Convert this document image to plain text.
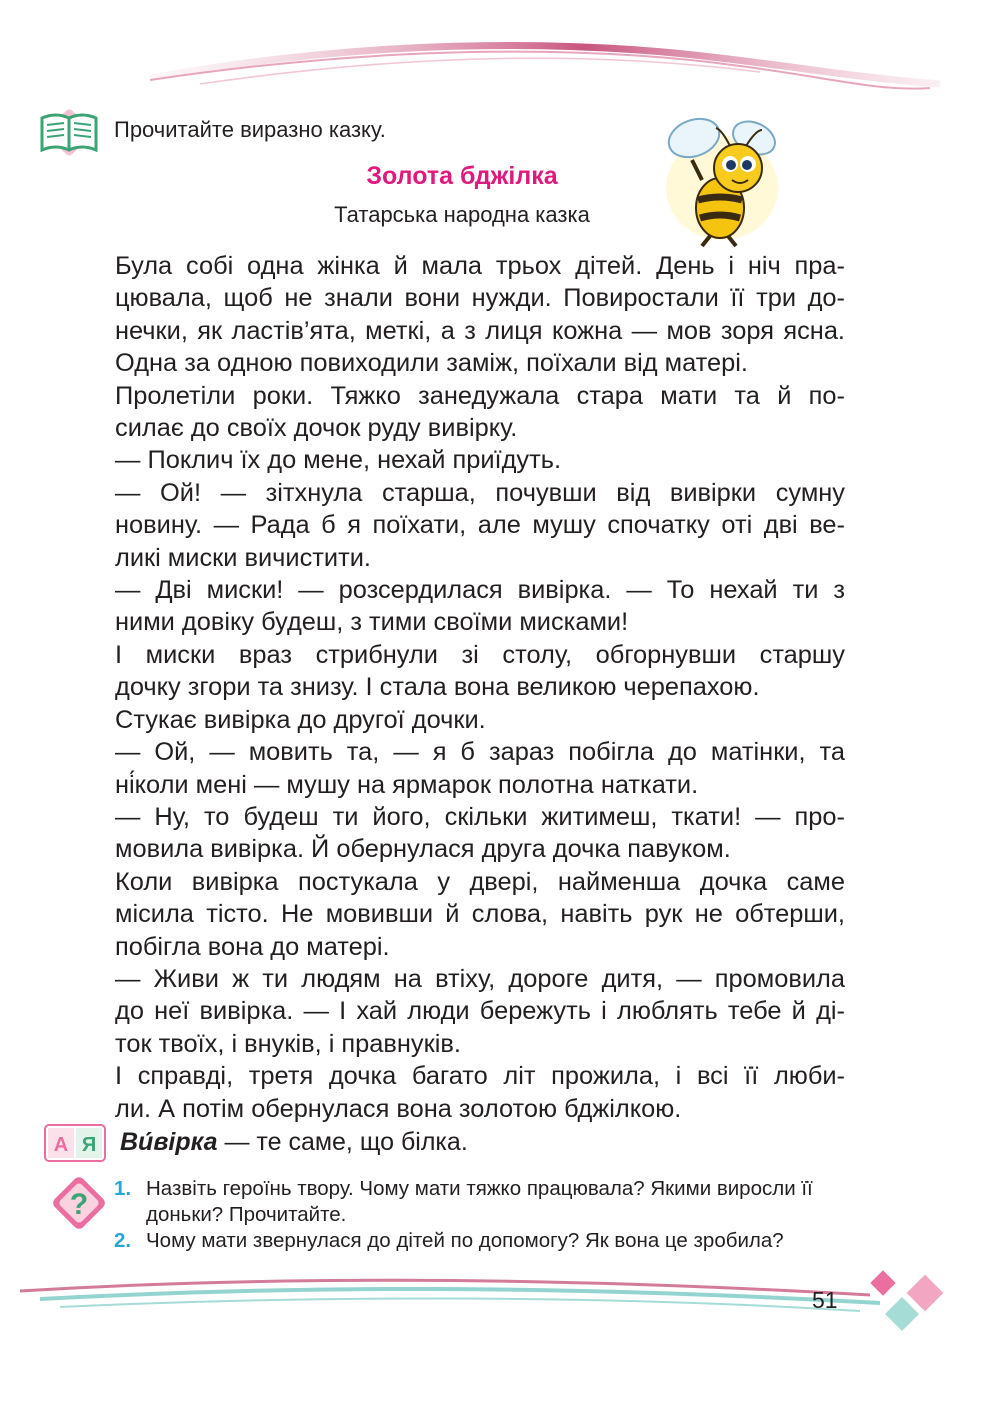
Прочитайте виразно казку.
Золота бджілка
Татарська народна казка

Була собі одна жінка й мала трьох дітей. День і ніч пра-
цювала, щоб не знали вони нужди. Повиростали її три до-
нечки, як ластів’ята, меткі, а з лиця кожна — мов зоря ясна.
Одна за одною повиходили заміж, поїхали від матері.

Пролетіли роки. Тяжко занедужала стара мати та й по-
силає до своїх дочок руду вивірку.

— Поклич їх до мене, нехай приїдуть.

— Ой! — зітхнула старша, почувши від вивірки сумну
новину. — Рада б я поїхати, але мушу спочатку оті дві ве-
ликі миски вичистити.

— Дві миски! — розсердилася вивірка. — То нехай ти з
ними довіку будеш, з тими своїми мисками!

І миски враз стрибнули зі столу, обгорнувши старшу
дочку згори та знизу. І стала вона великою черепахою.

Стукає вивірка до другої дочки.

— Ой, — мовить та, — я б зараз побігла до матінки, та
ні́коли мені — мушу на ярмарок полотна наткати.

— Ну, то будеш ти його, скільки житимеш, ткати! — про-
мовила вивірка. Й обернулася друга дочка павуком.

Коли вивірка постукала у двері, найменша дочка саме
місила тісто. Не мовивши й слова, навіть рук не обтерши,
побігла вона до матері.

— Живи ж ти людям на втіху, дороге дитя, — промовила
до неї вивірка. — І хай люди бережуть і люблять тебе й ді-
ток твоїх, і внуків, і правнуків.

І справді, третя дочка багато літ прожила, і всі її люби-
ли. А потім обернулася вона золотою бджілкою.

А Я Ви́вірка — те саме, що білка.
? 1. Назвіть героїнь твору. Чому мати тяжко працювала? Якими виросли її доньки? Прочитайте.
2. Чому мати звернулася до дітей по допомогу? Як вона це зробила?
51
